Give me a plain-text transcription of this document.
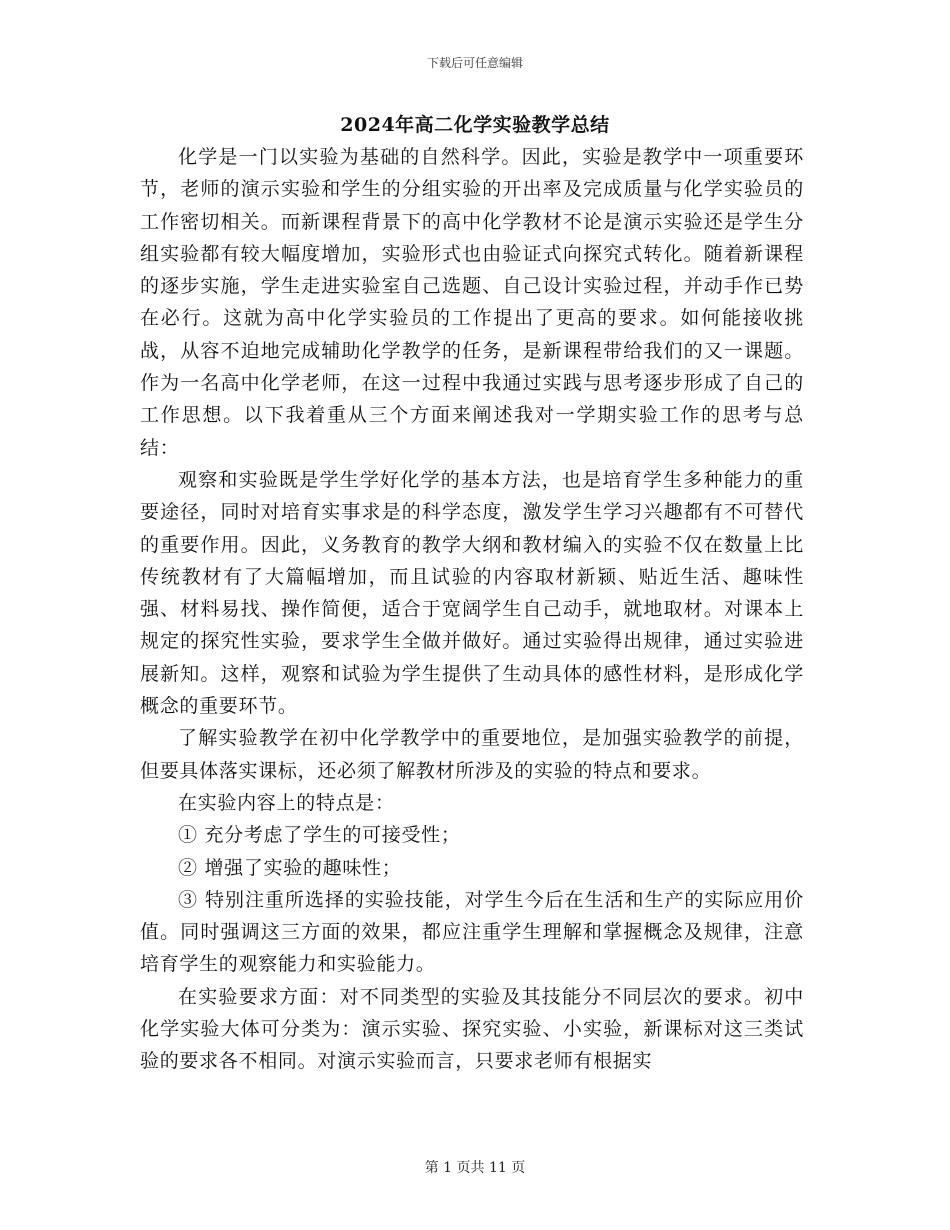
下载后可任意编辑
2024年高二化学实验教学总结

化学是一门以实验为基础的自然科学。因此，实验是教学中一项重要环节，老师的演示实验和学生的分组实验的开出率及完成质量与化学实验员的工作密切相关。而新课程背景下的高中化学教材不论是演示实验还是学生分组实验都有较大幅度增加，实验形式也由验证式向探究式转化。随着新课程的逐步实施，学生走进实验室自己选题、自己设计实验过程，并动手作已势在必行。这就为高中化学实验员的工作提出了更高的要求。如何能接收挑战，从容不迫地完成辅助化学教学的任务，是新课程带给我们的又一课题。作为一名高中化学老师，在这一过程中我通过实践与思考逐步形成了自己的工作思想。以下我着重从三个方面来阐述我对一学期实验工作的思考与总结：

观察和实验既是学生学好化学的基本方法，也是培育学生多种能力的重要途径，同时对培育实事求是的科学态度，激发学生学习兴趣都有不可替代的重要作用。因此，义务教育的教学大纲和教材编入的实验不仅在数量上比传统教材有了大篇幅增加，而且试验的内容取材新颍、贴近生活、趣味性强、材料易找、操作简便，适合于宽阔学生自己动手，就地取材。对课本上规定的探究性实验，要求学生全做并做好。通过实验得出规律，通过实验进展新知。这样，观察和试验为学生提供了生动具体的感性材料，是形成化学概念的重要环节。

了解实验教学在初中化学教学中的重要地位，是加强实验教学的前提，但要具体落实课标，还必须了解教材所涉及的实验的特点和要求。

在实验内容上的特点是：

① 充分考虑了学生的可接受性；

② 增强了实验的趣味性；

③ 特别注重所选择的实验技能，对学生今后在生活和生产的实际应用价值。同时强调这三方面的效果，都应注重学生理解和掌握概念及规律，注意培育学生的观察能力和实验能力。

在实验要求方面：对不同类型的实验及其技能分不同层次的要求。初中化学实验大体可分类为：演示实验、探究实验、小实验，新课标对这三类试验的要求各不相同。对演示实验而言，只要求老师有根据实

第 1 页共 11 页
